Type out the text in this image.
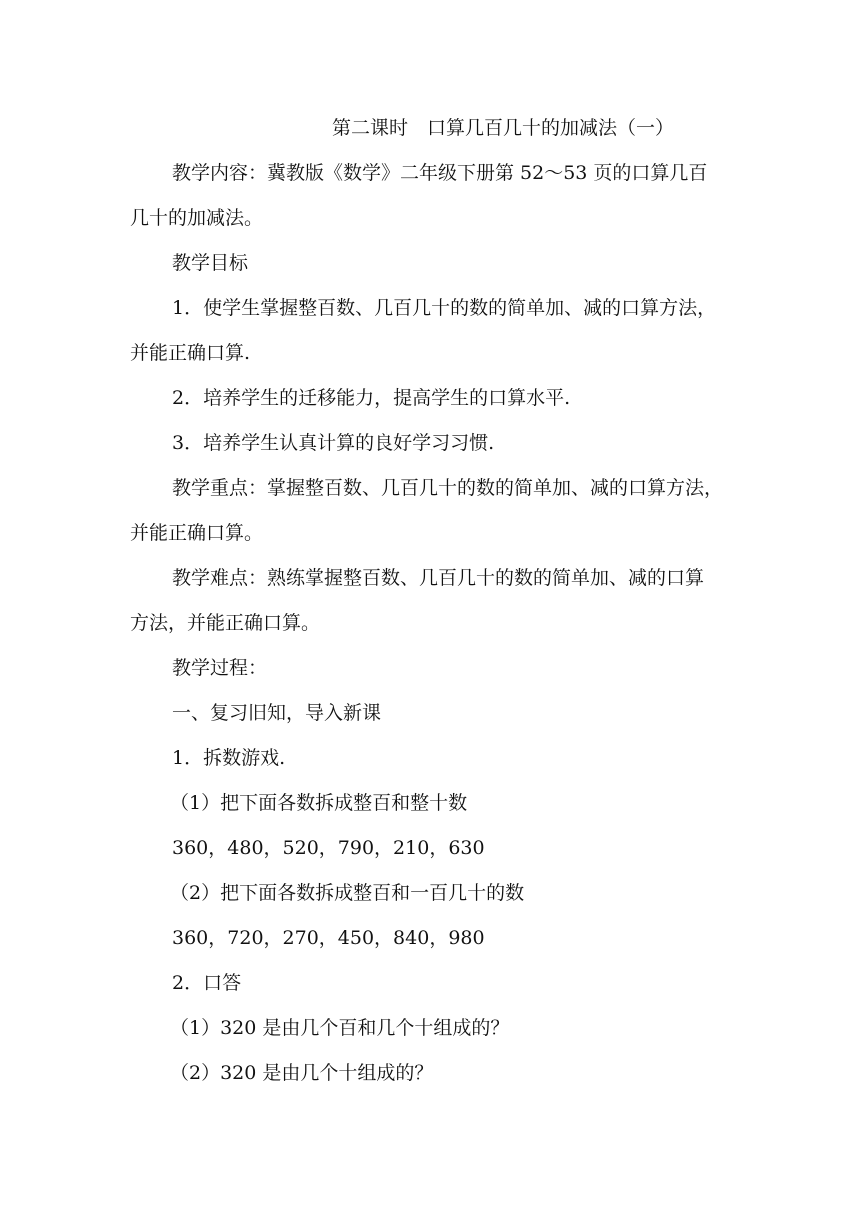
第二课时　口算几百几十的加减法（一）
教学内容：冀教版《数学》二年级下册第 52～53 页的口算几百
几十的加减法。
教学目标
1．使学生掌握整百数、几百几十的数的简单加、减的口算方法，
并能正确口算.
2．培养学生的迁移能力，提高学生的口算水平.
3．培养学生认真计算的良好学习习惯.
教学重点：掌握整百数、几百几十的数的简单加、减的口算方法，
并能正确口算。
教学难点：熟练掌握整百数、几百几十的数的简单加、减的口算
方法，并能正确口算。
教学过程：
一、复习旧知，导入新课
1．拆数游戏.
（1）把下面各数拆成整百和整十数
360，480，520，790，210，630
（2）把下面各数拆成整百和一百几十的数
360，720，270，450，840，980
2．口答
（1）320 是由几个百和几个十组成的？
（2）320 是由几个十组成的？
